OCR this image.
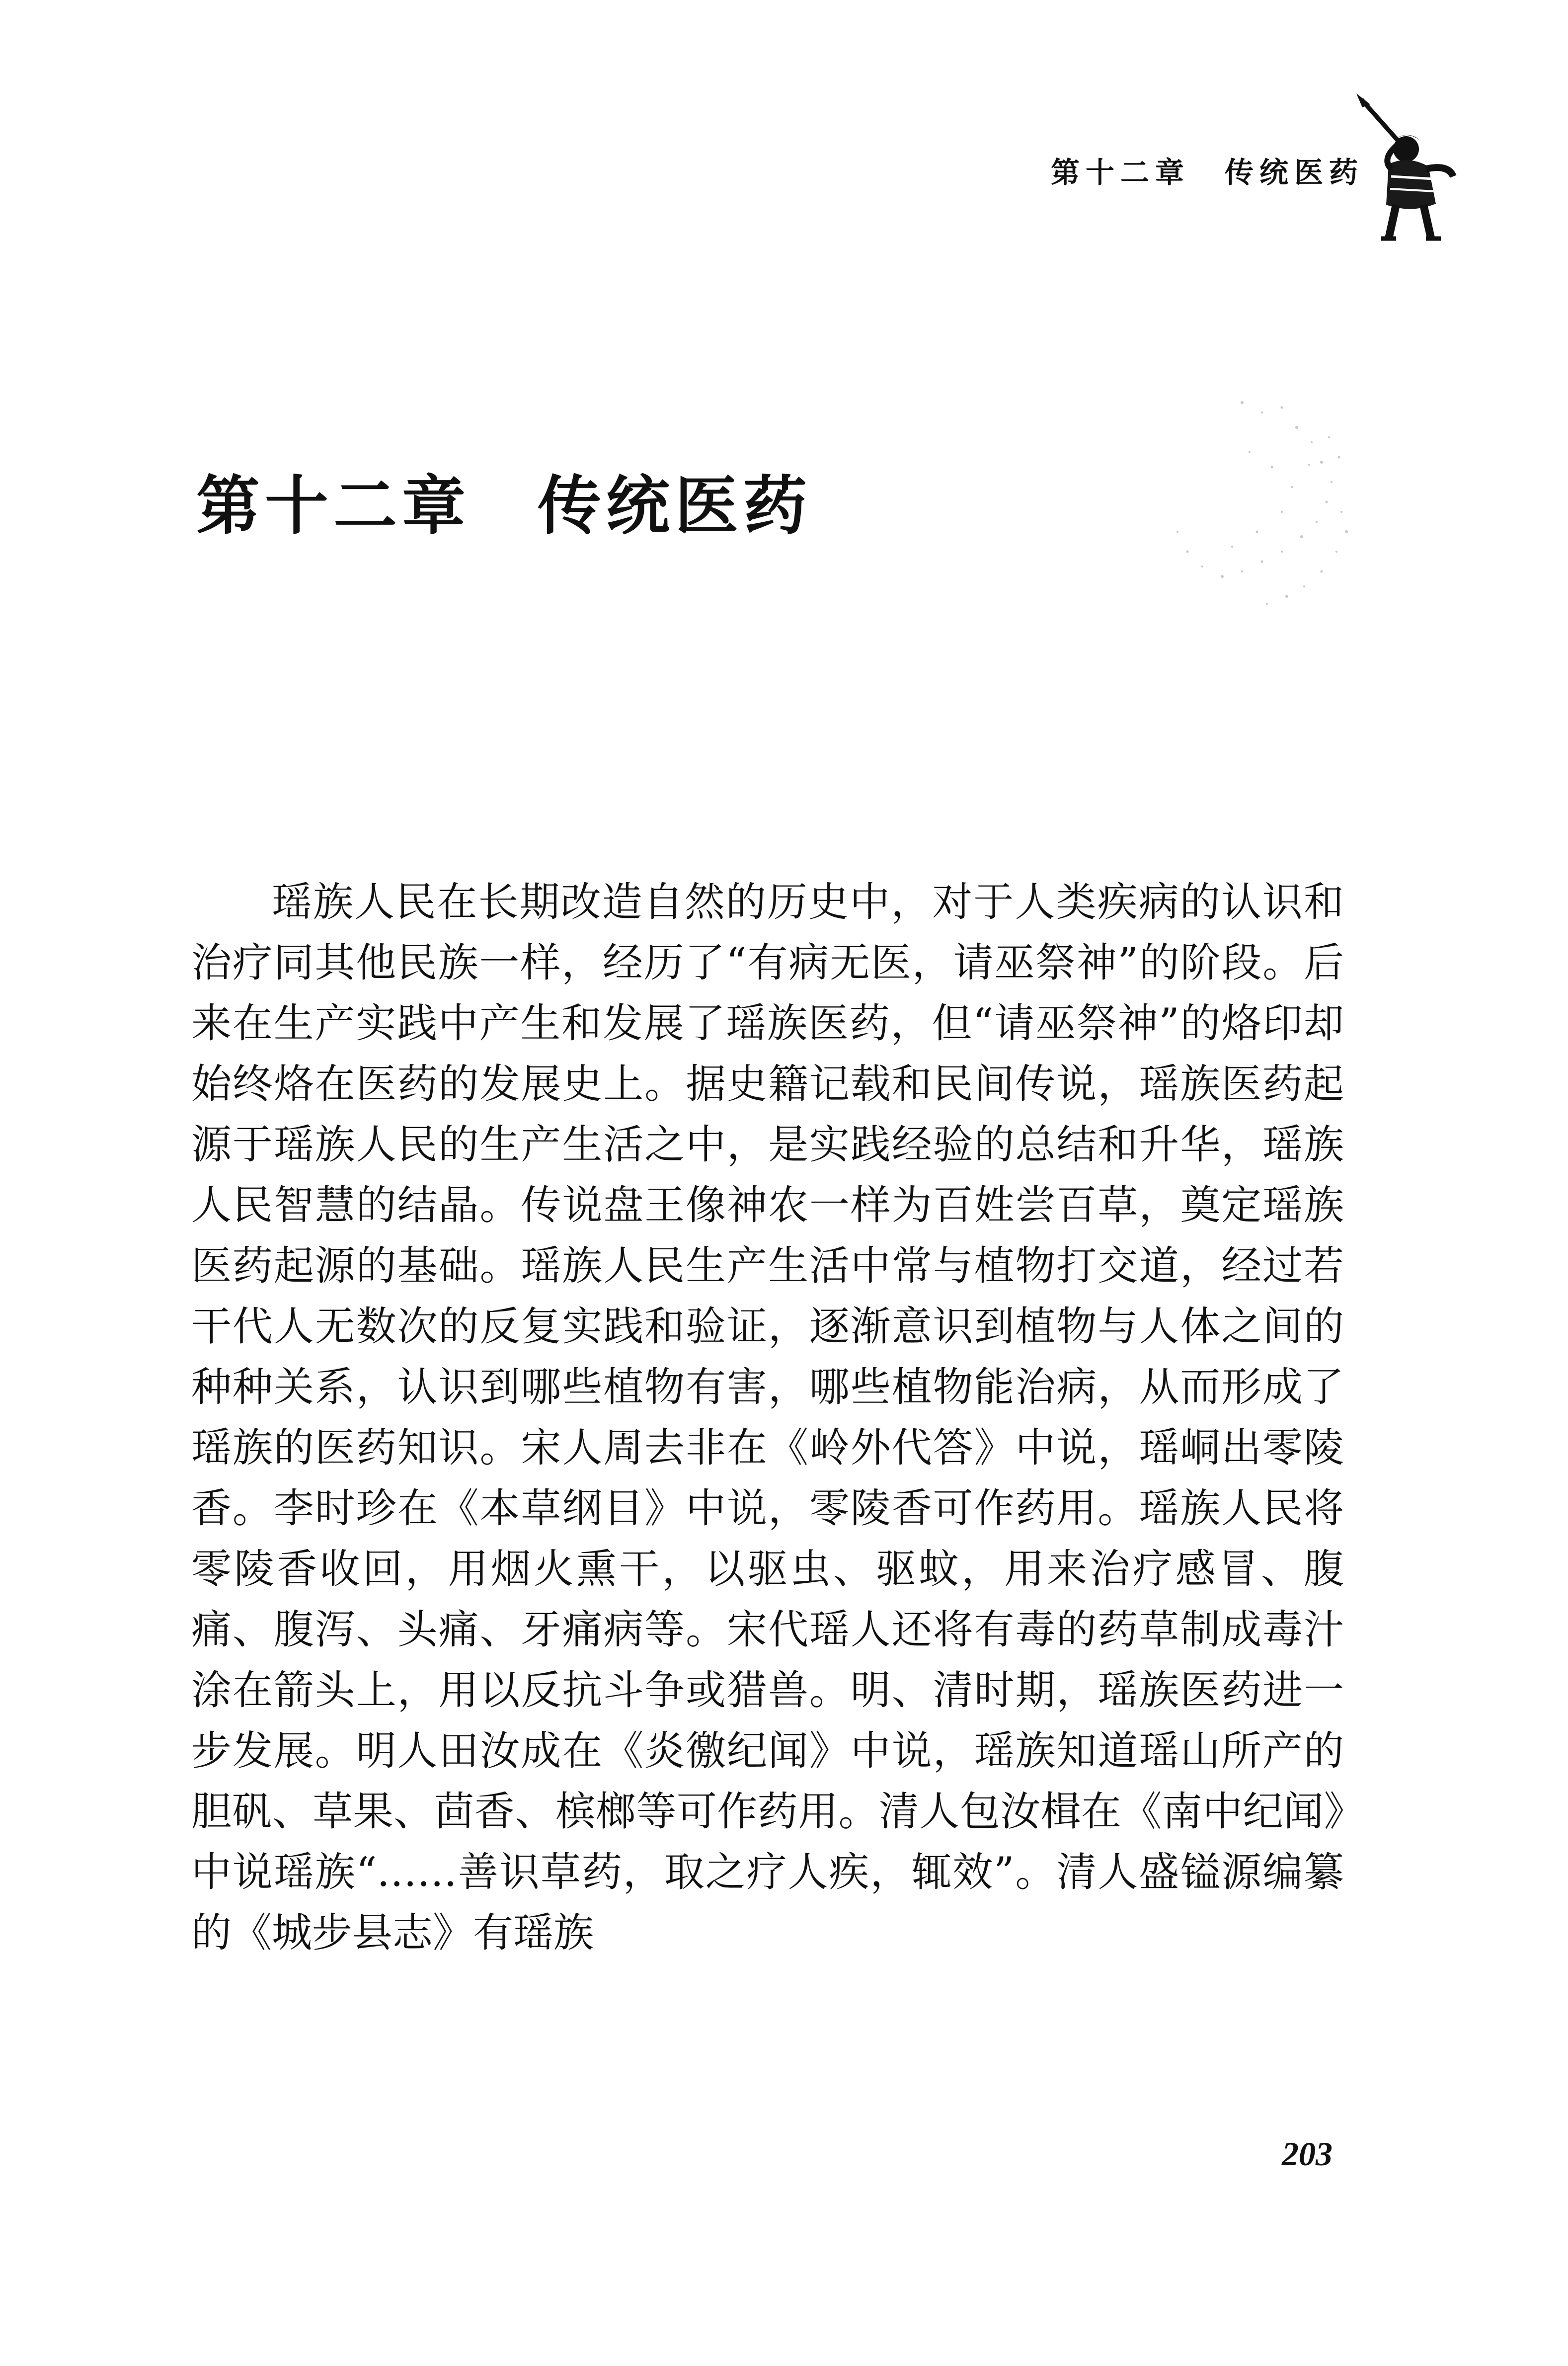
第十二章 传统医药
第十二章 传统医药

瑶族人民在长期改造自然的历史中，对于人类疾病的认识和治疗同其他民族一样，经历了“有病无医，请巫祭神”的阶段。后来在生产实践中产生和发展了瑶族医药，但“请巫祭神”的烙印却始终烙在医药的发展史上。据史籍记载和民间传说，瑶族医药起源于瑶族人民的生产生活之中，是实践经验的总结和升华，瑶族人民智慧的结晶。传说盘王像神农一样为百姓尝百草，奠定瑶族医药起源的基础。瑶族人民生产生活中常与植物打交道，经过若干代人无数次的反复实践和验证，逐渐意识到植物与人体之间的种种关系，认识到哪些植物有害，哪些植物能治病，从而形成了瑶族的医药知识。宋人周去非在《岭外代答》中说，瑶峒出零陵香。李时珍在《本草纲目》中说，零陵香可作药用。瑶族人民将零陵香收回，用烟火熏干，以驱虫、驱蚊，用来治疗感冒、腹痛、腹泻、头痛、牙痛病等。宋代瑶人还将有毒的药草制成毒汁涂在箭头上，用以反抗斗争或猎兽。明、清时期，瑶族医药进一步发展。明人田汝成在《炎徼纪闻》中说，瑶族知道瑶山所产的胆矾、草果、茴香、槟榔等可作药用。清人包汝楫在《南中纪闻》中说瑶族“……善识草药，取之疗人疾，辄效”。清人盛镒源编纂的《城步县志》有瑶族

203
